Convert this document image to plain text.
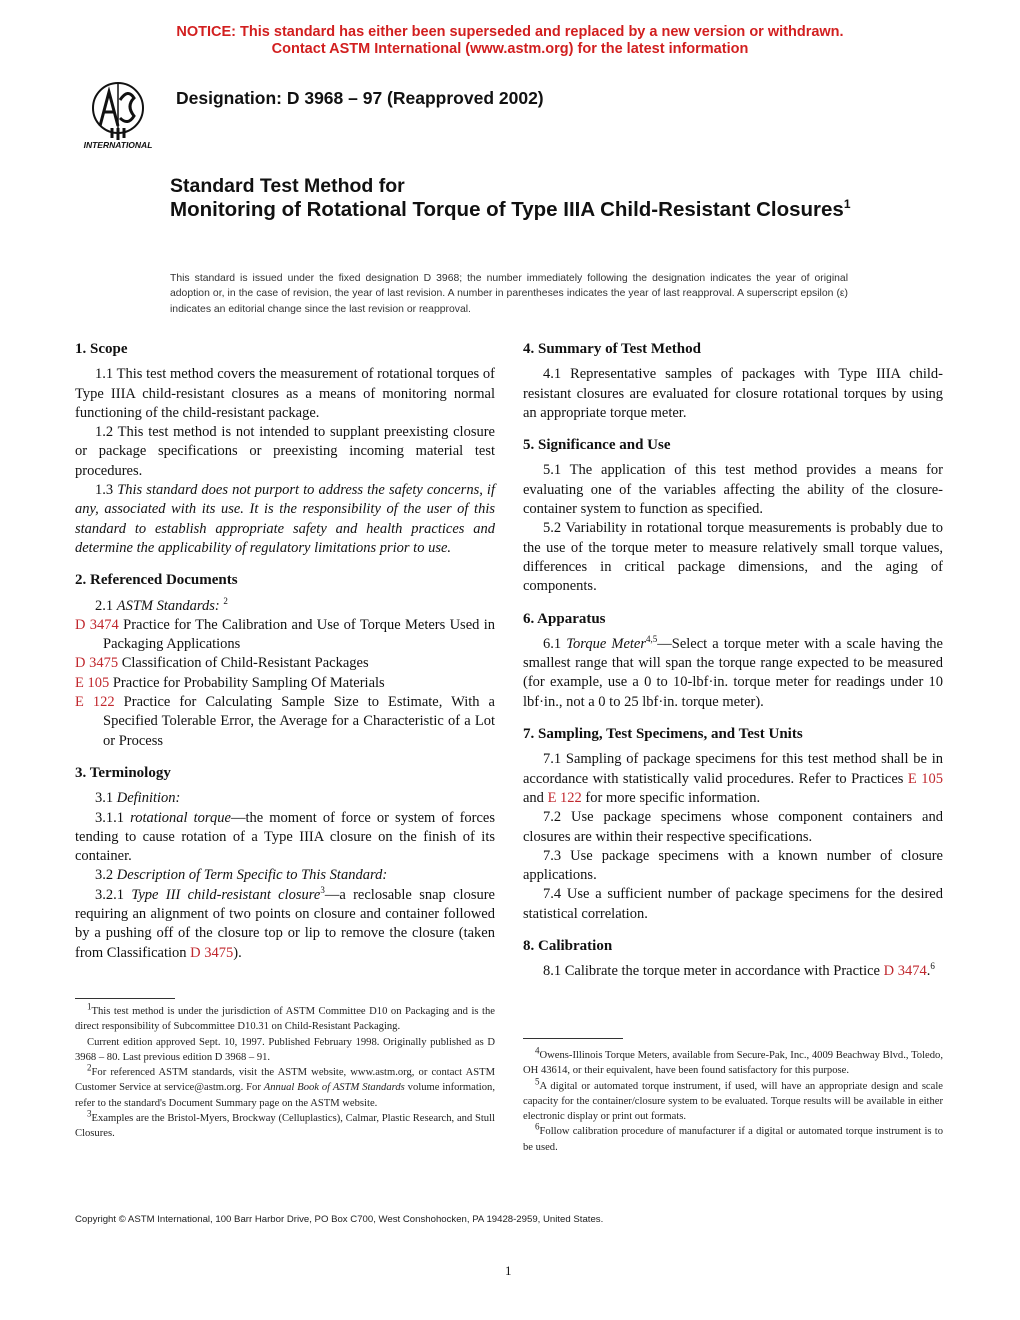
NOTICE: This standard has either been superseded and replaced by a new version or withdrawn.
Contact ASTM International (www.astm.org) for the latest information
INTERNATIONAL
Designation: D 3968 – 97 (Reapproved 2002)
Standard Test Method for
Monitoring of Rotational Torque of Type IIIA Child-Resistant Closures$^1$
This standard is issued under the fixed designation D 3968; the number immediately following the designation indicates the year of original adoption or, in the case of revision, the year of last revision. A number in parentheses indicates the year of last reapproval. A superscript epsilon (ε) indicates an editorial change since the last revision or reapproval.
1. Scope

1.1 This test method covers the measurement of rotational torques of Type IIIA child-resistant closures as a means of monitoring normal functioning of the child-resistant package.

1.2 This test method is not intended to supplant preexisting closure or package specifications or preexisting incoming material test procedures.

1.3 This standard does not purport to address the safety concerns, if any, associated with its use. It is the responsibility of the user of this standard to establish appropriate safety and health practices and determine the applicability of regulatory limitations prior to use.

2. Referenced Documents

2.1 ASTM Standards: $^2$

D 3474 Practice for The Calibration and Use of Torque Meters Used in Packaging Applications
D 3475 Classification of Child-Resistant Packages
E 105 Practice for Probability Sampling Of Materials
E 122 Practice for Calculating Sample Size to Estimate, With a Specified Tolerable Error, the Average for a Characteristic of a Lot or Process
3. Terminology

3.1 Definition:

3.1.1 rotational torque—the moment of force or system of forces tending to cause rotation of a Type IIIA closure on the finish of its container.

3.2 Description of Term Specific to This Standard:

3.2.1 Type III child-resistant closure$^3$—a reclosable snap closure requiring an alignment of two points on closure and container followed by a pushing off of the closure top or lip to remove the closure (taken from Classification D 3475).

4. Summary of Test Method

4.1 Representative samples of packages with Type IIIA child-resistant closures are evaluated for closure rotational torques by using an appropriate torque meter.

5. Significance and Use

5.1 The application of this test method provides a means for evaluating one of the variables affecting the ability of the closure-container system to function as specified.

5.2 Variability in rotational torque measurements is probably due to the use of the torque meter to measure relatively small torque values, differences in critical package dimensions, and the aging of components.

6. Apparatus

6.1 Torque Meter$^{4,5}$—Select a torque meter with a scale having the smallest range that will span the torque range expected to be measured (for example, use a 0 to 10-lbf·in. torque meter for readings under 10 lbf·in., not a 0 to 25 lbf·in. torque meter).

7. Sampling, Test Specimens, and Test Units

7.1 Sampling of package specimens for this test method shall be in accordance with statistically valid procedures. Refer to Practices E 105 and E 122 for more specific information.

7.2 Use package specimens whose component containers and closures are within their respective specifications.

7.3 Use package specimens with a known number of closure applications.

7.4 Use a sufficient number of package specimens for the desired statistical correlation.

8. Calibration

8.1 Calibrate the torque meter in accordance with Practice D 3474.$^6$

$^1$This test method is under the jurisdiction of ASTM Committee D10 on Packaging and is the direct responsibility of Subcommittee D10.31 on Child-Resistant Packaging.

Current edition approved Sept. 10, 1997. Published February 1998. Originally published as D 3968 – 80. Last previous edition D 3968 – 91.

$^2$For referenced ASTM standards, visit the ASTM website, www.astm.org, or contact ASTM Customer Service at service@astm.org. For Annual Book of ASTM Standards volume information, refer to the standard's Document Summary page on the ASTM website.

$^3$Examples are the Bristol-Myers, Brockway (Celluplastics), Calmar, Plastic Research, and Stull Closures.

$^4$Owens-Illinois Torque Meters, available from Secure-Pak, Inc., 4009 Beachway Blvd., Toledo, OH 43614, or their equivalent, have been found satisfactory for this purpose.

$^5$A digital or automated torque instrument, if used, will have an appropriate design and scale capacity for the container/closure system to be evaluated. Torque results will be available in either electronic display or print out formats.

$^6$Follow calibration procedure of manufacturer if a digital or automated torque instrument is to be used.

Copyright © ASTM International, 100 Barr Harbor Drive, PO Box C700, West Conshohocken, PA 19428-2959, United States.
1
